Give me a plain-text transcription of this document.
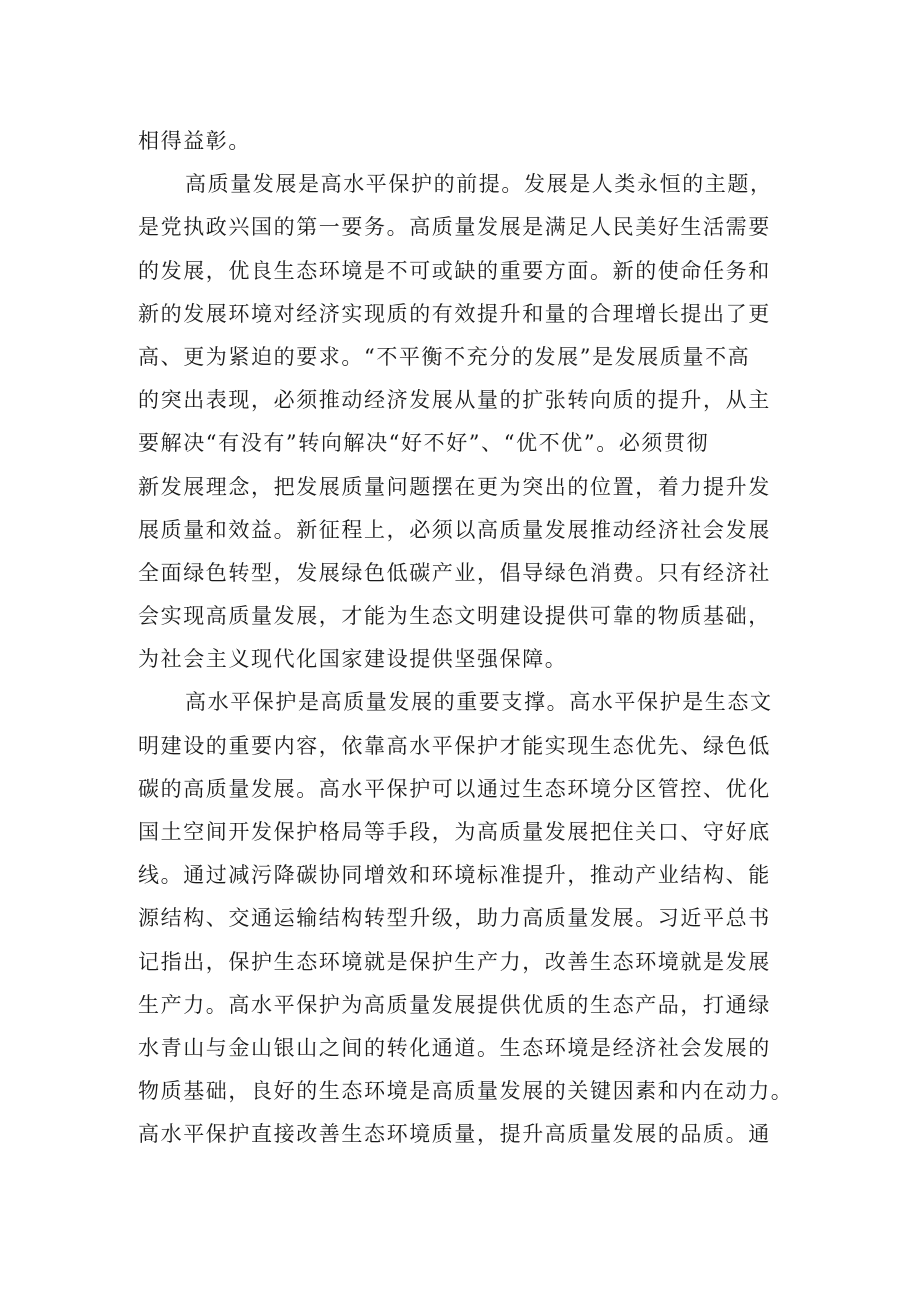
相得益彰。
高质量发展是高水平保护的前提。发展是人类永恒的主题，
是党执政兴国的第一要务。高质量发展是满足人民美好生活需要
的发展，优良生态环境是不可或缺的重要方面。新的使命任务和
新的发展环境对经济实现质的有效提升和量的合理增长提出了更
高、更为紧迫的要求。“不平衡不充分的发展”是发展质量不高
的突出表现，必须推动经济发展从量的扩张转向质的提升，从主
要解决“有没有”转向解决“好不好”、“优不优”。必须贯彻
新发展理念，把发展质量问题摆在更为突出的位置，着力提升发
展质量和效益。新征程上，必须以高质量发展推动经济社会发展
全面绿色转型，发展绿色低碳产业，倡导绿色消费。只有经济社
会实现高质量发展，才能为生态文明建设提供可靠的物质基础，
为社会主义现代化国家建设提供坚强保障。
高水平保护是高质量发展的重要支撑。高水平保护是生态文
明建设的重要内容，依靠高水平保护才能实现生态优先、绿色低
碳的高质量发展。高水平保护可以通过生态环境分区管控、优化
国土空间开发保护格局等手段，为高质量发展把住关口、守好底
线。通过减污降碳协同增效和环境标准提升，推动产业结构、能
源结构、交通运输结构转型升级，助力高质量发展。习近平总书
记指出，保护生态环境就是保护生产力，改善生态环境就是发展
生产力。高水平保护为高质量发展提供优质的生态产品，打通绿
水青山与金山银山之间的转化通道。生态环境是经济社会发展的
物质基础，良好的生态环境是高质量发展的关键因素和内在动力。
高水平保护直接改善生态环境质量，提升高质量发展的品质。通
